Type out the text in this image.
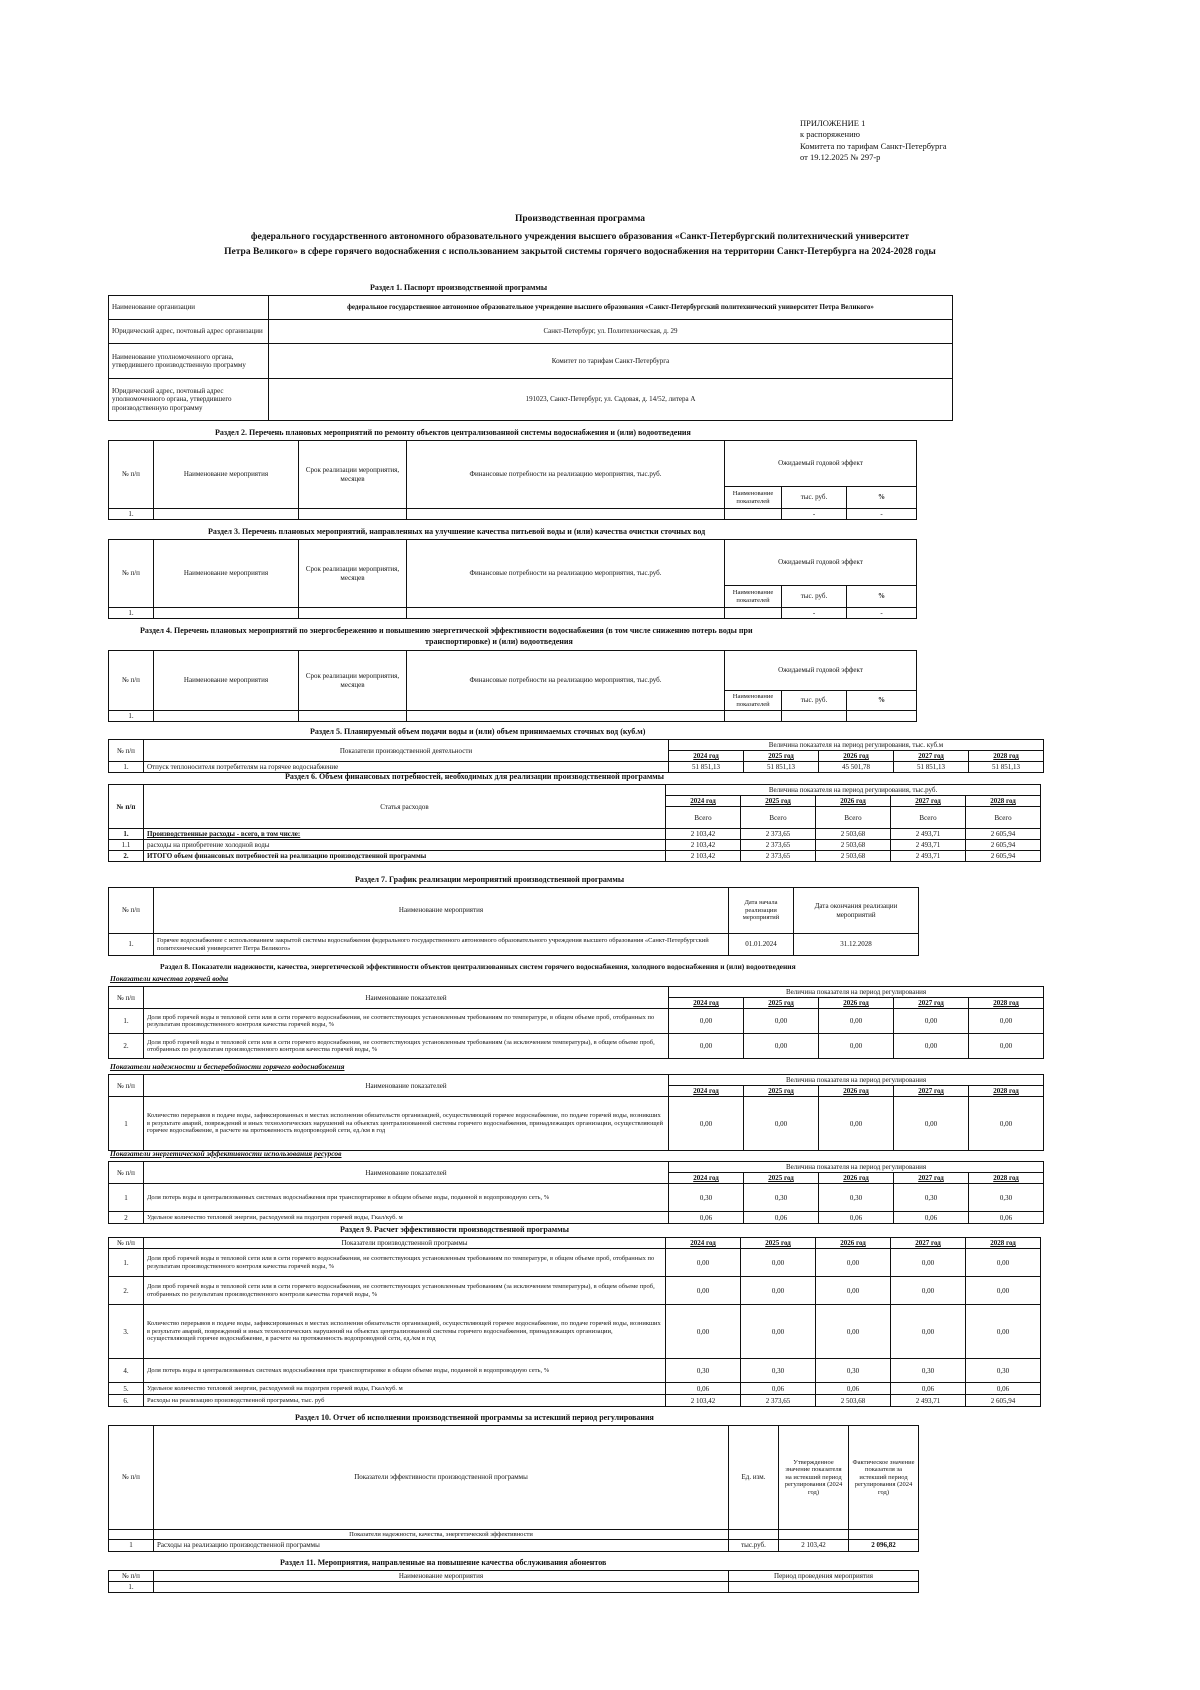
ПРИЛОЖЕНИЕ 1
к распоряжению
Комитета по тарифам Санкт-Петербурга
от 19.12.2025 № 297-р
Производственная программа
федерального государственного автономного образовательного учреждения высшего образования «Санкт-Петербургский политехнический университет
Петра Великого» в сфере горячего водоснабжения с использованием закрытой системы горячего водоснабжения на территории Санкт-Петербурга на 2024-2028 годы
Раздел 1. Паспорт производственной программы
Наименование организации	федеральное государственное автономное образовательное учреждение высшего образования «Санкт-Петербургский политехнический университет Петра Великого»
Юридический адрес, почтовый адрес организации	Санкт-Петербург, ул. Политехническая, д. 29
Наименование уполномоченного органа, утвердившего производственную программу	Комитет по тарифам Санкт-Петербурга
Юридический адрес, почтовый адрес уполномоченного органа, утвердившего производственную программу	191023, Санкт-Петербург, ул. Садовая, д. 14/52, литера А
Раздел 2. Перечень плановых мероприятий по ремонту объектов централизованной системы водоснабжения и (или) водоотведения
№ п/п	Наименование мероприятия	Срок реализации мероприятия, месяцев	Финансовые потребности на реализацию мероприятия, тыс.руб.	Ожидаемый годовой эффект		
				Наименование показателей	тыс. руб.	%
1.					-	-
Раздел 3. Перечень плановых мероприятий, направленных на улучшение качества питьевой воды и (или) качества очистки сточных вод
№ п/п	Наименование мероприятия	Срок реализации мероприятия, месяцев	Финансовые потребности на реализацию мероприятия, тыс.руб.	Ожидаемый годовой эффект		
				Наименование показателей	тыс. руб.	%
1.					-	-
Раздел 4. Перечень плановых мероприятий по энергосбережению и повышению энергетической эффективности водоснабжения (в том числе снижению потерь воды при
транспортировке) и (или) водоотведения
№ п/п	Наименование мероприятия	Срок реализации мероприятия, месяцев	Финансовые потребности на реализацию мероприятия, тыс.руб.	Ожидаемый годовой эффект		
				Наименование показателей	тыс. руб.	%
1.						
Раздел 5. Планируемый объем подачи воды и (или) объем принимаемых сточных вод (куб.м)
№ п/п	Показатели производственной деятельности	Величина показателя на период регулирования, тыс. куб.м				
		2024 год	2025 год	2026 год	2027 год	2028 год
1.	Отпуск теплоносителя потребителям на горячее водоснабжение	51 851,13	51 851,13	45 501,78	51 851,13	51 851,13
Раздел 6. Объем финансовых потребностей, необходимых для реализации производственной программы
№ п/п	Статья расходов	Величина показателя на период регулирования, тыс.руб.				
		2024 год	2025 год	2026 год	2027 год	2028 год
		Всего	Всего	Всего	Всего	Всего
1.	Производственные расходы - всего, в том числе:	2 103,42	2 373,65	2 503,68	2 493,71	2 605,94
1.1	расходы на приобретение холодной воды	2 103,42	2 373,65	2 503,68	2 493,71	2 605,94
2.	ИТОГО объем финансовых потребностей на реализацию производственной программы	2 103,42	2 373,65	2 503,68	2 493,71	2 605,94
Раздел 7. График реализации мероприятий производственной программы
№ п/п	Наименование мероприятия	Дата начала реализации мероприятий	Дата окончания реализации мероприятий
1.	Горячее водоснабжение с использованием закрытой системы водоснабжения федерального государственного автономного образовательного учреждения высшего образования «Санкт-Петербургский политехнический университет Петра Великого»	01.01.2024	31.12.2028
Раздел 8. Показатели надежности, качества, энергетической эффективности объектов централизованных систем горячего водоснабжения, холодного водоснабжения и (или) водоотведения
Показатели качества горячей воды
№ п/п	Наименование показателей	Величина показателя на период регулирования				
		2024 год	2025 год	2026 год	2027 год	2028 год
1.	Доля проб горячей воды в тепловой сети или в сети горячего водоснабжения, не соответствующих установленным требованиям по температуре, в общем объеме проб, отобранных по результатам производственного контроля качества горячей воды, %	0,00	0,00	0,00	0,00	0,00
2.	Доля проб горячей воды в тепловой сети или в сети горячего водоснабжения, не соответствующих установленным требованиям (за исключением температуры), в общем объеме проб, отобранных по результатам производственного контроля качества горячей воды, %	0,00	0,00	0,00	0,00	0,00
Показатели надежности и бесперебойности горячего водоснабжения
№ п/п	Наименование показателей	Величина показателя на период регулирования				
		2024 год	2025 год	2026 год	2027 год	2028 год
1	Количество перерывов в подаче воды, зафиксированных в местах исполнения обязательств организацией, осуществляющей горячее водоснабжение, по подаче горячей воды, возникших в результате аварий, повреждений и иных технологических нарушений на объектах централизованной системы горячего водоснабжения, принадлежащих организации, осуществляющей горячее водоснабжение, в расчете на протяженность водопроводной сети, ед./км в год	0,00	0,00	0,00	0,00	0,00
Показатели энергетической эффективности использования ресурсов
№ п/п	Наименование показателей	Величина показателя на период регулирования				
		2024 год	2025 год	2026 год	2027 год	2028 год
1	Доля потерь воды в централизованных системах водоснабжения при транспортировке в общем объеме воды, поданной в водопроводную сеть, %	0,30	0,30	0,30	0,30	0,30
2	Удельное количество тепловой энергии, расходуемой на подогрев горячей воды, Гкал/куб. м	0,06	0,06	0,06	0,06	0,06
Раздел 9. Расчет эффективности производственной программы
№ п/п	Показатели производственной программы	2024 год	2025 год	2026 год	2027 год	2028 год
1.	Доля проб горячей воды в тепловой сети или в сети горячего водоснабжения, не соответствующих установленным требованиям по температуре, в общем объеме проб, отобранных по результатам производственного контроля качества горячей воды, %	0,00	0,00	0,00	0,00	0,00
2.	Доля проб горячей воды в тепловой сети или в сети горячего водоснабжения, не соответствующих установленным требованиям (за исключением температуры), в общем объеме проб, отобранных по результатам производственного контроля качества горячей воды, %	0,00	0,00	0,00	0,00	0,00
3.	Количество перерывов в подаче воды, зафиксированных в местах исполнения обязательств организацией, осуществляющей горячее водоснабжение, по подаче горячей воды, возникших в результате аварий, повреждений и иных технологических нарушений на объектах централизованной системы горячего водоснабжения, принадлежащих организации, осуществляющей горячее водоснабжение, в расчете на протяженность водопроводной сети, ед./км в год	0,00	0,00	0,00	0,00	0,00
4.	Доля потерь воды в централизованных системах водоснабжения при транспортировке в общем объеме воды, поданной в водопроводную сеть, %	0,30	0,30	0,30	0,30	0,30
5.	Удельное количество тепловой энергии, расходуемой на подогрев горячей воды, Гкал/куб. м	0,06	0,06	0,06	0,06	0,06
6.	Расходы на реализацию производственной программы, тыс. руб	2 103,42	2 373,65	2 503,68	2 493,71	2 605,94
Раздел 10. Отчет об исполнении производственной программы за истекший период регулирования
№ п/п	Показатели эффективности производственной программы	Ед. изм.	Утвержденное значение показателя на истекший период регулирования (2024 год)	Фактическое значение показателя за истекший период регулирования (2024 год)
	Показатели надежности, качества, энергетической эффективности			
1	Расходы на реализацию производственной программы	тыс.руб.	2 103,42	2 096,82
Раздел 11. Мероприятия, направленные на повышение качества обслуживания абонентов
№ п/п	Наименование мероприятия	Период проведения мероприятия
1.		
